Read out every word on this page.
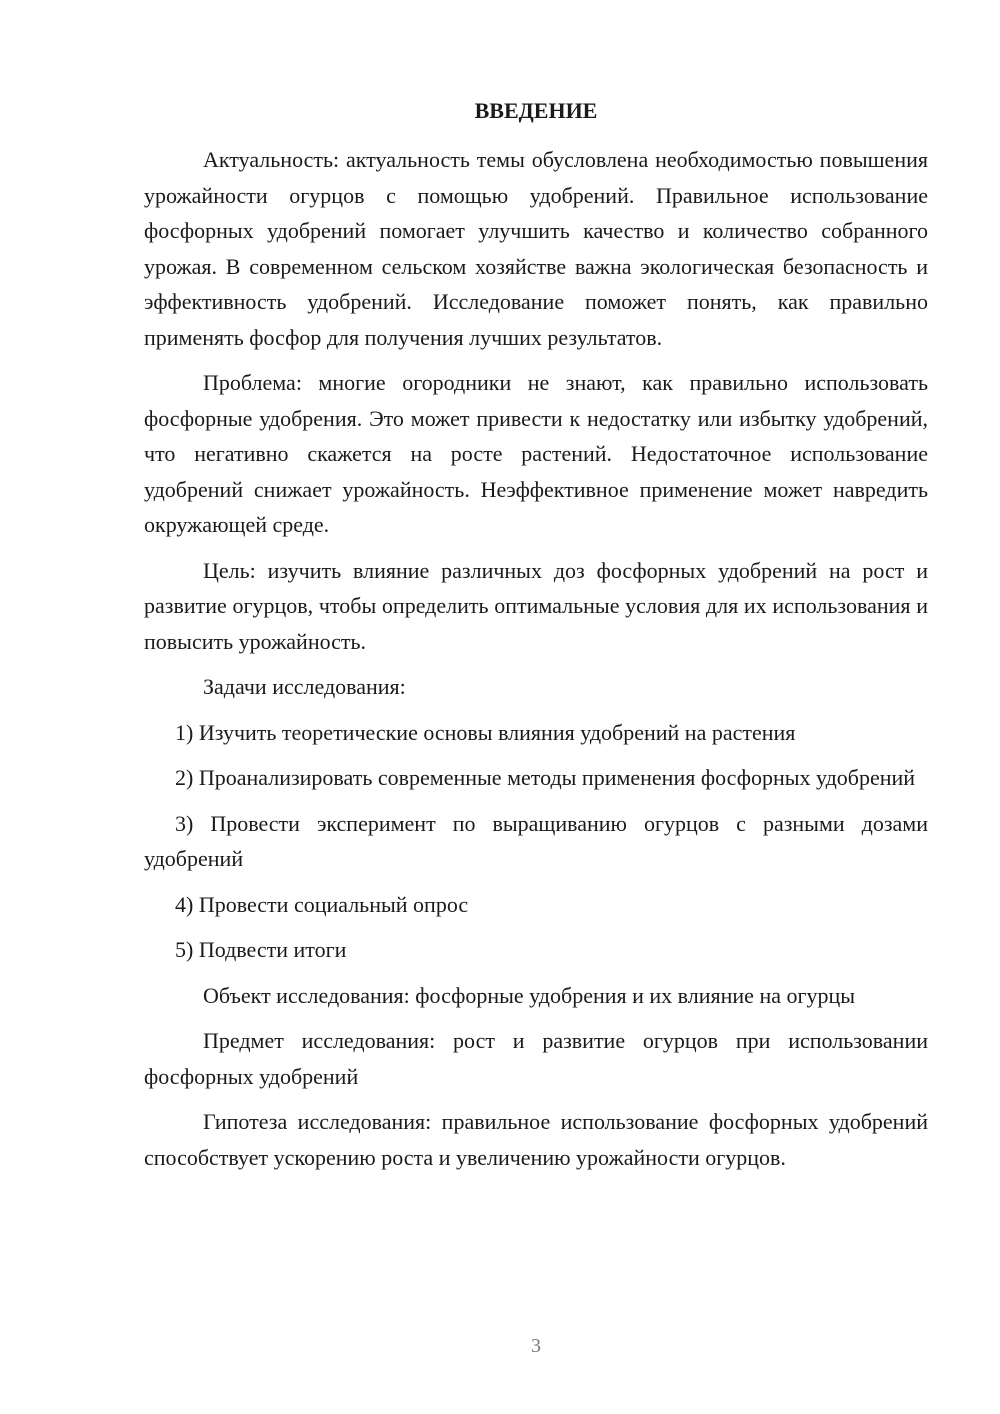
ВВЕДЕНИЕ

Актуальность: актуальность темы обусловлена необходимостью повышения урожайности огурцов с помощью удобрений. Правильное использование фосфорных удобрений помогает улучшить качество и количество собранного урожая. В современном сельском хозяйстве важна экологическая безопасность и эффективность удобрений. Исследование поможет понять, как правильно применять фосфор для получения лучших результатов.

Проблема: многие огородники не знают, как правильно использовать фосфорные удобрения. Это может привести к недостатку или избытку удобрений, что негативно скажется на росте растений. Недостаточное использование удобрений снижает урожайность. Неэффективное применение может навредить окружающей среде.

Цель: изучить влияние различных доз фосфорных удобрений на рост и развитие огурцов, чтобы определить оптимальные условия для их использования и повысить урожайность.

Задачи исследования:

1) Изучить теоретические основы влияния удобрений на растения

2) Проанализировать современные методы применения фосфорных удобрений

3) Провести эксперимент по выращиванию огурцов с разными дозами удобрений

4) Провести социальный опрос

5) Подвести итоги

Объект исследования: фосфорные удобрения и их влияние на огурцы

Предмет исследования: рост и развитие огурцов при использовании фосфорных удобрений

Гипотеза исследования: правильное использование фосфорных удобрений способствует ускорению роста и увеличению урожайности огурцов.

3
